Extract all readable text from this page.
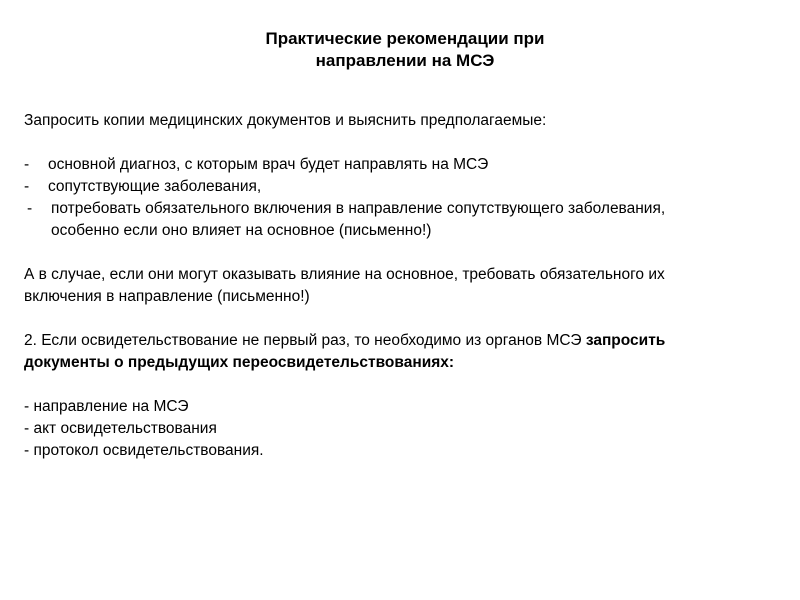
Практические рекомендации при
направлении на МСЭ
Запросить копии медицинских документов и выяснить предполагаемые:
- основной диагноз, с которым врач будет направлять на МСЭ
- сопутствующие заболевания,
- потребовать обязательного включения в направление сопутствующего заболевания,
особенно если оно влияет на основное (письменно!)
А в случае, если они могут оказывать влияние на основное, требовать обязательного их
включения в направление (письменно!)
2. Если освидетельствование не первый раз, то необходимо из органов МСЭ запросить
документы о предыдущих переосвидетельствованиях:
- направление на МСЭ
- акт освидетельствования
- протокол освидетельствования.
